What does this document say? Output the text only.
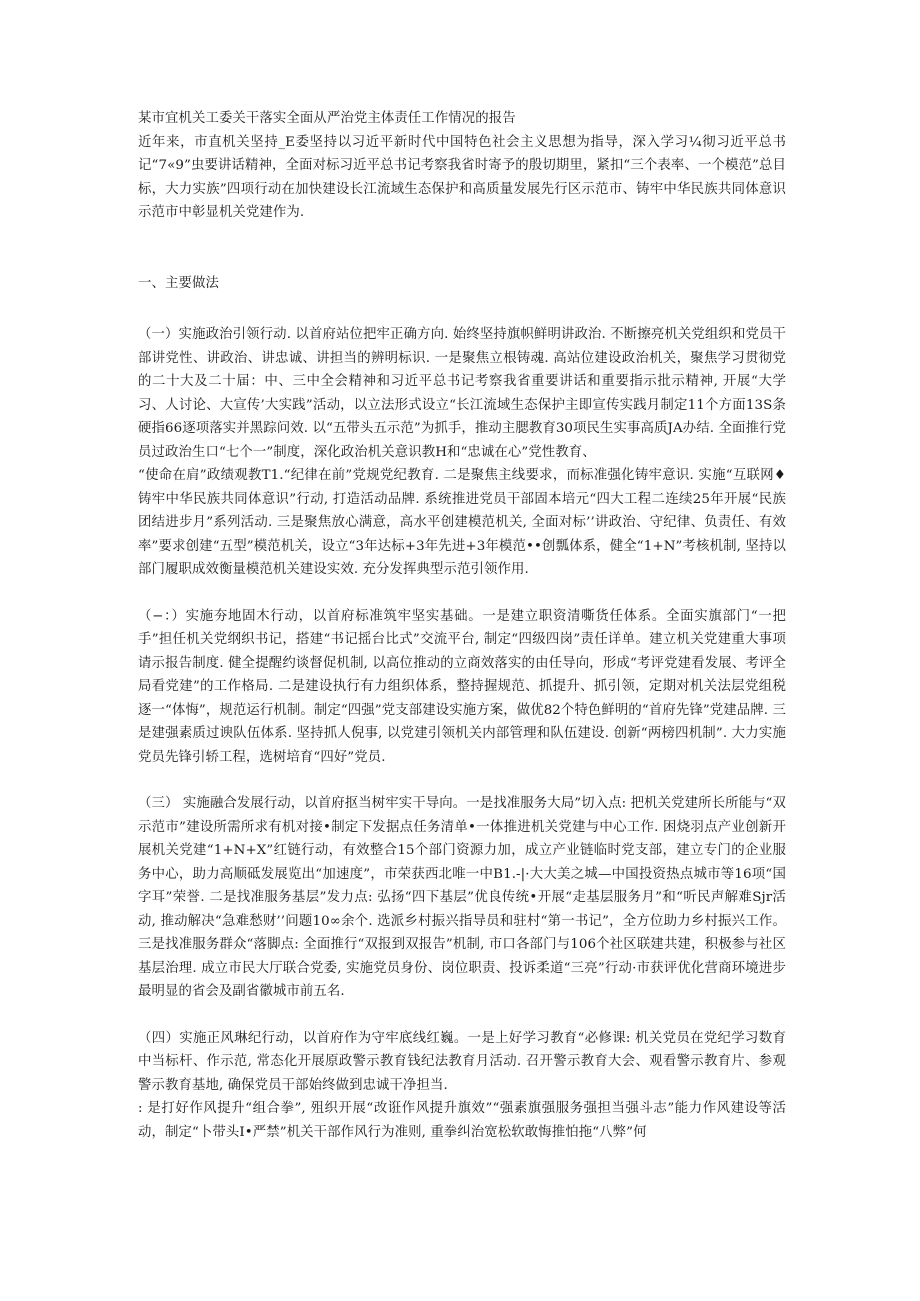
某市宜机关工委关干落实全面从严治党主体责任工作情况的报告

近年来，市直机关坚持_E委坚持以习近平新时代中国特色社会主义思想为指导，深入学习¼彻习近平总书记“7«9”虫要讲话精神，全面对标习近平总书记考察我省时寄予的殷切期里，紧扣“三个表率、一个模范”总目标，大力实族”四项行动在加快建设长江流域生态保护和高质量发展先行区示范市、铸牢中华民族共同体意识示范市中彰显机关党建作为.

一、主要做法

（一）实施政治引领行动. 以首府站位把牢正确方向. 始终坚持旗帜鲜明讲政治. 不断擦亮机关党组织和党员干部讲党性、讲政治、讲忠诚、讲担当的辨明标识. 一是聚焦立根铸魂. 高站位建设政治机关，聚焦学习贯彻党的二十大及二十届：中、三中全会精神和习近平总书记考察我省重要讲话和重要指示批示精神, 开展“大学习、人讨论、大宣传’大实践”活动，以立法形式设立“长江流域生态保护主即宣传实践月制定11个方面13S条硬指66逐项落实并黑踪问效. 以“五带头五示范”为抓手，推动主腮教育30项民生实事高质JA办结. 全面推行党员过政治生口“七个一”制度，深化政治机关意识教H和“忠诚在心”党性教育、

“使命在肩”政绩观教T1.“纪律在前”党规党纪教育. 二是聚焦主线要求，而标准强化铸牢意识. 实施“互联网♦铸牢中华民族共同体意识”行动, 打造活动品牌. 系统推进党员干部固本培元“四大工程二连续25年开展“民族团结进步月”系列活动. 三是聚焦放心满意，高水平创建模范机关, 全面对标’’讲政治、守纪律、负责任、有效率”要求创建“五型”模范机关，设立“3年达标+3年先进+3年模范••创瓢体系，健全“1+N”考核机制, 坚持以部门履职成效衡量模范机关建设实效. 充分发挥典型示范引领作用.

（−：）实施夯地固木行动，以首府标准筑牢坚实基础。一是建立职资清嘶货任体系。全面实旗部门“一把手”担任机关党纲织书记，搭建“书记摇台比式”交流平台, 制定“四级四岗”责任详单。建立机关党建重大事项请示报告制度. 健全提醒约谈督促机制, 以高位推动的立商效落实的由任导向，形成“考评党建看发展、考评全局看党建”的工作格局. 二是建设执行有力组织体系，整持握规范、抓提升、抓引领，定期对机关法层党组税逐一“体悔”，规范运行机制。制定“四强”党支部建设实施方案，做优82个特色鲜明的“首府先锋”党建品牌. 三是建强素质过谀队伍体系. 坚持抓人倪事, 以党建引领机关内部管理和队伍建设. 创新“两榜四机制”. 大力实施党员先锋引轿工程，选树培育“四好”党员.

（三） 实施融合发展行动，以首府抠当树牢实干导向。一是找准服务大局”切入点: 把机关党建所长所能与“双示范市”建设所需所求有机对接•制定下发据点任务清单•一体推进机关党建与中心工作. 困烧羽点产业创新开展机关党建“1+N+X”红链行动，有效整合15个部门资源力加，成立产业链临时党支部，建立专门的企业服务中心，助力高顺砥发展览出“加速度”，市荣获西北唯一中B1.-|·大大美之城—中国投资热点城市等16项“国字耳”荣誉. 二是找准服务基层”发力点: 弘扬“四下基层”优良传统•开展“走基层服务月”和“听民声解难Sjr活动, 推动解决“急难愁财’’问题10∞余个. 选派乡村振兴指导员和驻村“第一书记”，全方位助力乡村振兴工作。三是找准服务群众“落脚点: 全面推行“双报到双报告”机制, 市口各部门与106个社区联建共建，积极参与社区基层治理. 成立市民大厅联合党委, 实施党员身份、岗位职责、投诉柔道“三亮”行动·市获评优化营商环境进步最明显的省会及副省徽城市前五名.

（四）实施正风琳纪行动，以首府作为守牢底线红巍。一是上好学习教育“必修课: 机关党员在党纪学习数育中当标杆、作示范, 常态化开展原政警示教育钱纪法教育月活动. 召开警示教育大会、观看警示教育片、参观警示教育基地, 确保党员干部始终做到忠诚干净担当.

: 是打好作风提升“组合拳”, 殂织开展“改诳作风提升旗效”“强素旗强服务强担当强斗志”能力作风建设等活动，制定“卜带头I•严禁”机关干部作风行为准则, 重拳纠治宽松软敢悔推怕拖“八弊”何
